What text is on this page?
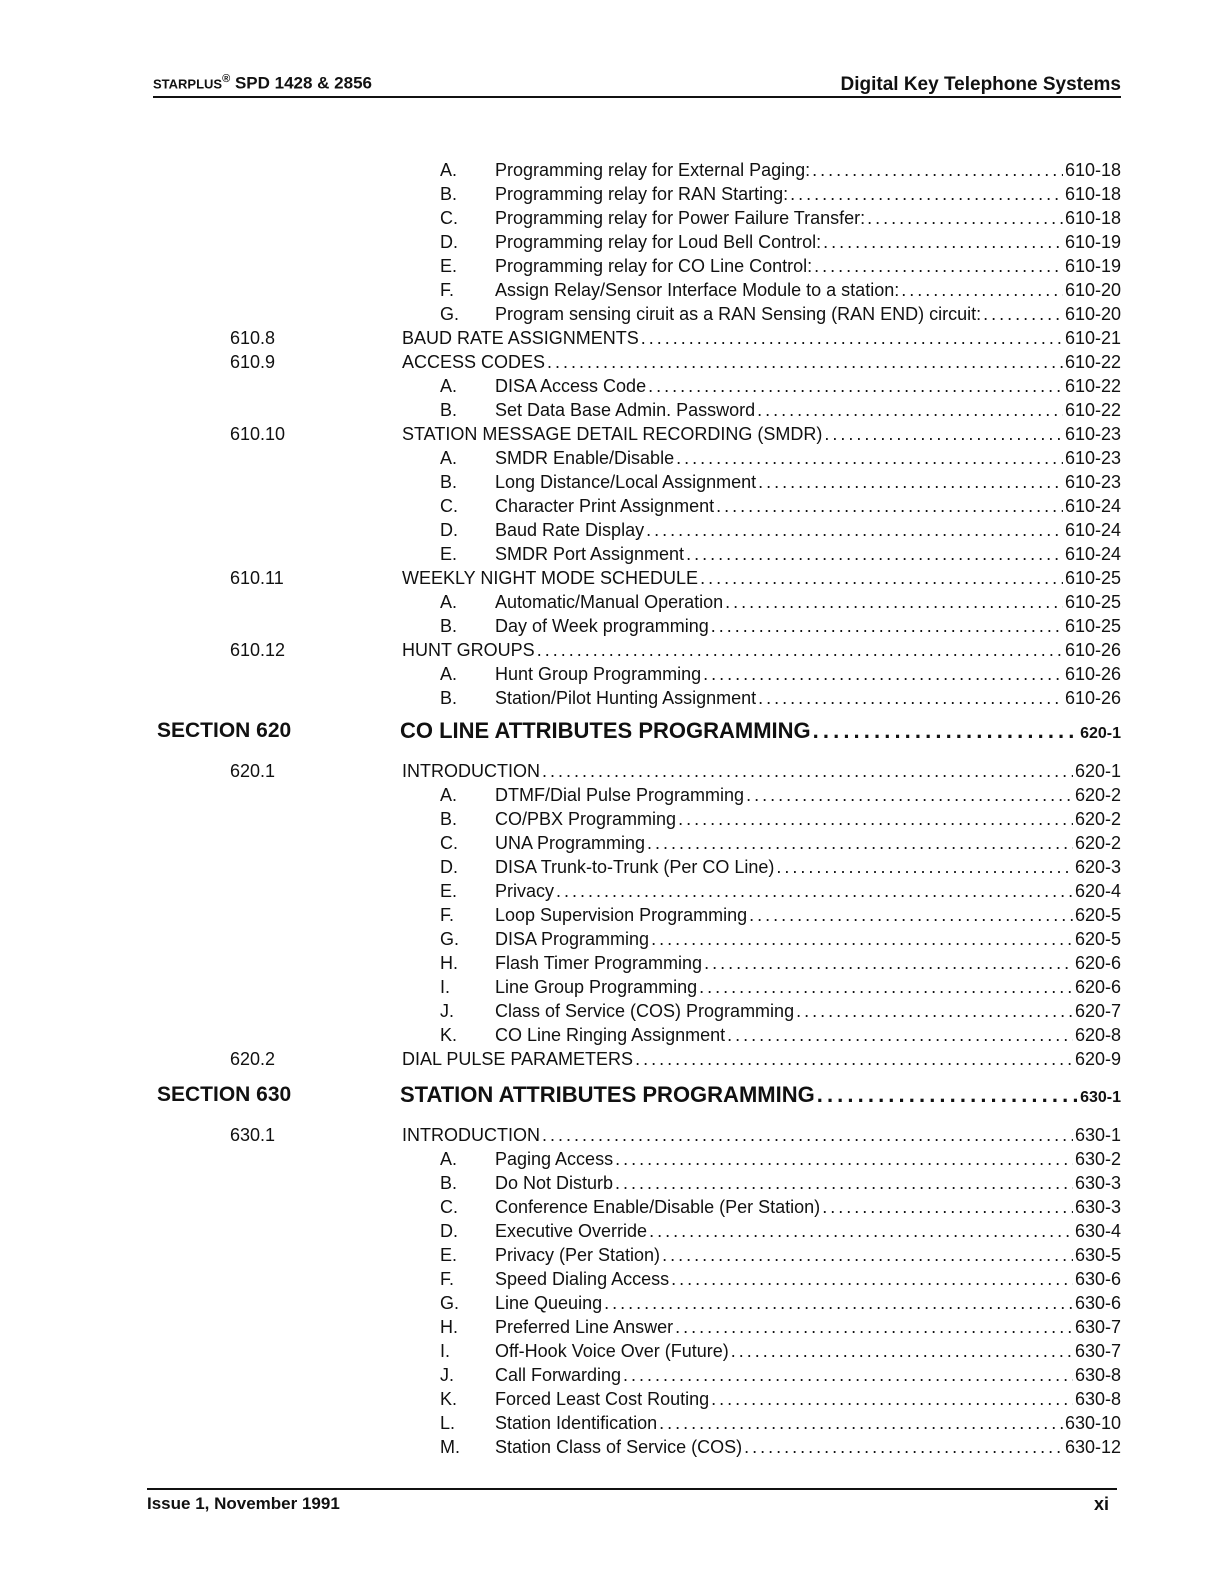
STARPLUS® SPD 1428 & 2856	Digital Key Telephone Systems
A.	Programming relay for External Paging: . . .	610-18
B.	Programming relay for RAN Starting: . . .	610-18
C.	Programming relay for Power Failure Transfer: . . .	610-18
D.	Programming relay for Loud Bell Control: . . .	610-19
E.	Programming relay for CO Line Control: . . .	610-19
F.	Assign Relay/Sensor Interface Module to a station: . . .	610-20
G.	Program sensing ciruit as a RAN Sensing (RAN END) circuit: . . .	610-20
610.8	BAUD RATE ASSIGNMENTS . . .	610-21
610.9	ACCESS CODES . . .	610-22
A.	DISA Access Code . . .	610-22
B.	Set Data Base Admin. Password . . .	610-22
610.10	STATION MESSAGE DETAIL RECORDING (SMDR) . . .	610-23
A.	SMDR Enable/Disable . . .	610-23
B.	Long Distance/Local Assignment . . .	610-23
C.	Character Print Assignment . . .	610-24
D.	Baud Rate Display . . .	610-24
E.	SMDR Port Assignment . . .	610-24
610.11	WEEKLY NIGHT MODE SCHEDULE . . .	610-25
A.	Automatic/Manual Operation . . .	610-25
B.	Day of Week programming . . .	610-25
610.12	HUNT GROUPS . . .	610-26
A.	Hunt Group Programming . . .	610-26
B.	Station/Pilot Hunting Assignment . . .	610-26
SECTION 620	CO LINE ATTRIBUTES PROGRAMMING . . .	620-1
620.1	INTRODUCTION . . .	620-1
A.	DTMF/Dial Pulse Programming . . .	620-2
B.	CO/PBX Programming . . .	620-2
C.	UNA Programming . . .	620-2
D.	DISA Trunk-to-Trunk (Per CO Line) . . .	620-3
E.	Privacy . . .	620-4
F.	Loop Supervision Programming . . .	620-5
G.	DISA Programming . . .	620-5
H.	Flash Timer Programming . . .	620-6
I.	Line Group Programming . . .	620-6
J.	Class of Service (COS) Programming . . .	620-7
K.	CO Line Ringing Assignment . . .	620-8
620.2	DIAL PULSE PARAMETERS . . .	620-9
SECTION 630	STATION ATTRIBUTES PROGRAMMING . . .	630-1
630.1	INTRODUCTION . . .	630-1
A.	Paging Access . . .	630-2
B.	Do Not Disturb . . .	630-3
C.	Conference Enable/Disable (Per Station) . . .	630-3
D.	Executive Override . . .	630-4
E.	Privacy (Per Station) . . .	630-5
F.	Speed Dialing Access . . .	630-6
G.	Line Queuing . . .	630-6
H.	Preferred Line Answer . . .	630-7
I.	Off-Hook Voice Over (Future) . . .	630-7
J.	Call Forwarding . . .	630-8
K.	Forced Least Cost Routing . . .	630-8
L.	Station Identification . . .	630-10
M.	Station Class of Service (COS) . . .	630-12
Issue 1, November 1991	xi
